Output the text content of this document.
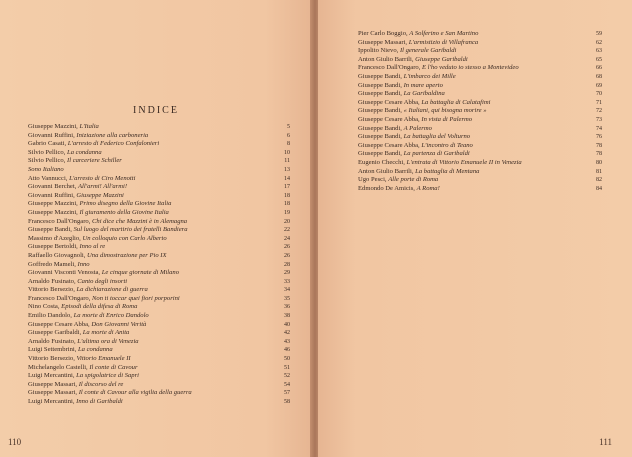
INDICE
Giuseppe Mazzini, L'Italia	5
Giovanni Ruffini, Iniziazione alla carboneria	6
Gabrio Casati, L'arresto di Federico Confalonieri	8
Silvio Pellico, La condanna	10
Silvio Pellico, Il carceriere Schiller	11
Sono Italiano	13
Atto Vannucci, L'arresto di Ciro Menotti	14
Giovanni Berchet, All'armi! All'armi!	17
Giovanni Ruffini, Giuseppe Mazzini	18
Giuseppe Mazzini, Primo disegno della Giovine Italia	18
Giuseppe Mazzini, Il giuramento della Giovine Italia	19
Francesco Dall'Ongaro, Chi dice che Mazzini è in Alemagna	20
Giuseppe Bandi, Sul luogo del martirio dei fratelli Bandiera	22
Massimo d'Azeglio, Un colloquio con Carlo Alberto	24
Giuseppe Bertoldi, Inno al re	26
Raffaello Giovagnoli, Una dimostrazione per Pio IX	26
Goffredo Mameli, Inno	28
Giovanni Visconti Venosta, Le cinque giornate di Milano	29
Arnaldo Fusinato, Canto degli insorti	33
Vittorio Bersezio, La dichiarazione di guerra	34
Francesco Dall'Ongaro, Non ti toccar quei fiori porporini	35
Nino Costa, Episodi della difesa di Roma	36
Emilio Dandolo, La morte di Enrico Dandolo	38
Giuseppe Cesare Abba, Don Giovanni Verità	40
Giuseppe Garibaldi, La morte di Anita	42
Arnaldo Fusinato, L'ultima ora di Venezia	43
Luigi Settembrini, La condanna	46
Vittorio Bersezio, Vittorio Emanuele II	50
Michelangelo Castelli, Il conte di Cavour	51
Luigi Mercantini, La spigolatrice di Sapri	52
Giuseppe Massari, Il discorso del re	54
Giuseppe Massari, Il conte di Cavour alla vigilia della guerra	57
Luigi Mercantini, Inno di Garibaldi	58
110
Pier Carlo Boggio, A Solferino e San Martino	59
Giuseppe Massari, L'armistizio di Villafranca	62
Ippolito Nievo, Il generale Garibaldi	63
Anton Giulio Barrili, Giuseppe Garibaldi	65
Francesco Dall'Ongaro, E l'ho veduto io stesso a Montevideo	66
Giuseppe Bandi, L'imbarco dei Mille	68
Giuseppe Bandi, In mare aperto	69
Giuseppe Bandi, La Garibaldina	70
Giuseppe Cesare Abba, La battaglia di Calatafimi	71
Giuseppe Bandi, « Italiani, qui bisogna morire »	72
Giuseppe Cesare Abba, In vista di Palermo	73
Giuseppe Bandi, A Palermo	74
Giuseppe Bandi, La battaglia del Volturno	76
Giuseppe Cesare Abba, L'incontro di Teano	78
Giuseppe Bandi, La partenza di Garibaldi	78
Eugenio Checchi, L'entrata di Vittorio Emanuele II in Venezia	80
Anton Giulio Barrili, La battaglia di Mentana	81
Ugo Pesci, Alle porte di Roma	82
Edmondo De Amicis, A Roma!	84
111
